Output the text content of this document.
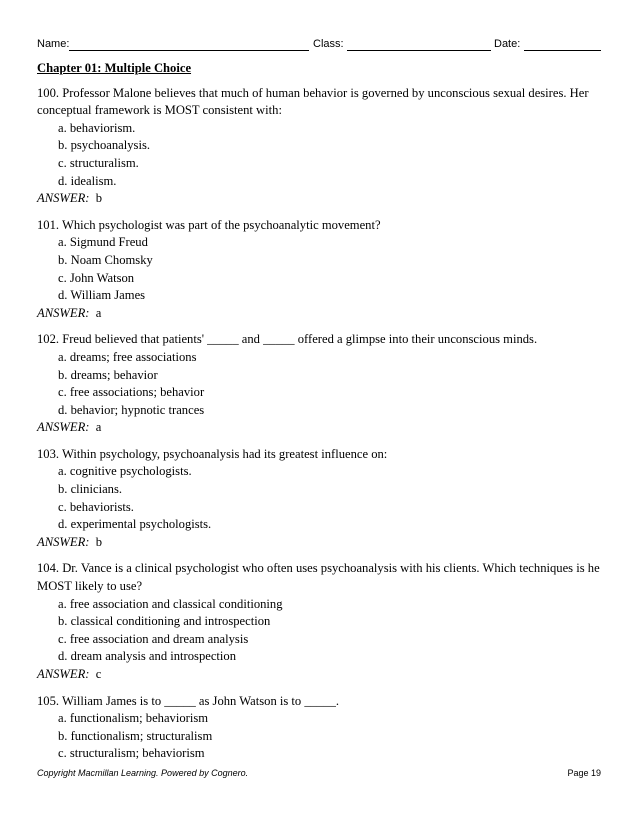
Name:	Class:	Date:
Chapter 01: Multiple Choice
100. Professor Malone believes that much of human behavior is governed by unconscious sexual desires. Her conceptual framework is MOST consistent with:
a. behaviorism.
b. psychoanalysis.
c. structuralism.
d. idealism.
ANSWER: b
101. Which psychologist was part of the psychoanalytic movement?
a. Sigmund Freud
b. Noam Chomsky
c. John Watson
d. William James
ANSWER: a
102. Freud believed that patients' _____ and _____ offered a glimpse into their unconscious minds.
a. dreams; free associations
b. dreams; behavior
c. free associations; behavior
d. behavior; hypnotic trances
ANSWER: a
103. Within psychology, psychoanalysis had its greatest influence on:
a. cognitive psychologists.
b. clinicians.
c. behaviorists.
d. experimental psychologists.
ANSWER: b
104. Dr. Vance is a clinical psychologist who often uses psychoanalysis with his clients. Which techniques is he MOST likely to use?
a. free association and classical conditioning
b. classical conditioning and introspection
c. free association and dream analysis
d. dream analysis and introspection
ANSWER: c
105. William James is to _____ as John Watson is to _____.
a. functionalism; behaviorism
b. functionalism; structuralism
c. structuralism; behaviorism
Copyright Macmillan Learning. Powered by Cognero.	Page 19
